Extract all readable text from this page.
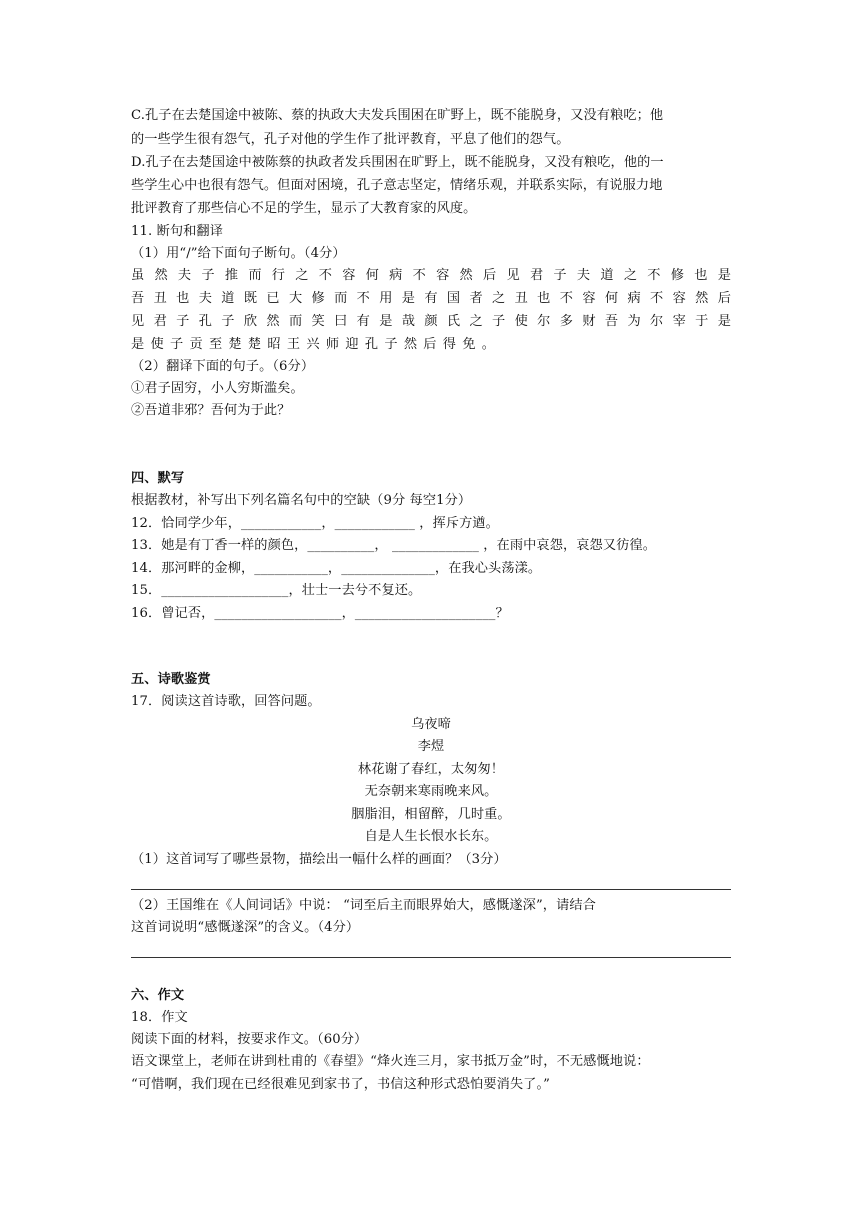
C.孔子在去楚国途中被陈、蔡的执政大夫发兵围困在旷野上，既不能脱身，又没有粮吃；他
的一些学生很有怨气，孔子对他的学生作了批评教育，平息了他们的怨气。
D.孔子在去楚国途中被陈蔡的执政者发兵围困在旷野上，既不能脱身，又没有粮吃，他的一
些学生心中也很有怨气。但面对困境，孔子意志坚定，情绪乐观，并联系实际，有说服力地
批评教育了那些信心不足的学生，显示了大教育家的风度。
11. 断句和翻译
（1）用“/”给下面句子断句。（4分）
虽然夫子推而行之不容何病不容然后见君子夫道之不修也是
吾丑也夫道既已大修而不用是有国者之丑也不容何病不容然后
见君子孔子欣然而笑曰有是哉颜氏之子使尔多财吾为尔宰于是
是使子贡至楚楚昭王兴师迎孔子然后得免。
（2）翻译下面的句子。（6分）
①君子固穷，小人穷斯滥矣。
②吾道非邪？吾何为于此？
四、默写
根据教材，补写出下列名篇名句中的空缺（9分 每空1分）
12．恰同学少年，____________，____________ ，挥斥方遒。
13．她是有丁香一样的颜色，__________， _____________ ，在雨中哀怨，哀怨又彷徨。
14．那河畔的金柳，___________，______________，在我心头荡漾。
15．___________________，壮士一去兮不复还。
16．曾记否，___________________，_____________________？
五、诗歌鉴赏
17．阅读这首诗歌，回答问题。
乌夜啼
李煜
林花谢了春红，太匆匆！
无奈朝来寒雨晚来风。
胭脂泪，相留醉，几时重。
自是人生长恨水长东。
（1）这首词写了哪些景物，描绘出一幅什么样的画面？（3分）
（2）王国维在《人间词话》中说： “词至后主而眼界始大，感慨遂深”，请结合
这首词说明“感慨遂深”的含义。（4分）
六、作文
18．作文
阅读下面的材料，按要求作文。（60分）
语文课堂上，老师在讲到杜甫的《春望》“烽火连三月，家书抵万金”时，不无感慨地说：
“可惜啊，我们现在已经很难见到家书了，书信这种形式恐怕要消失了。”
